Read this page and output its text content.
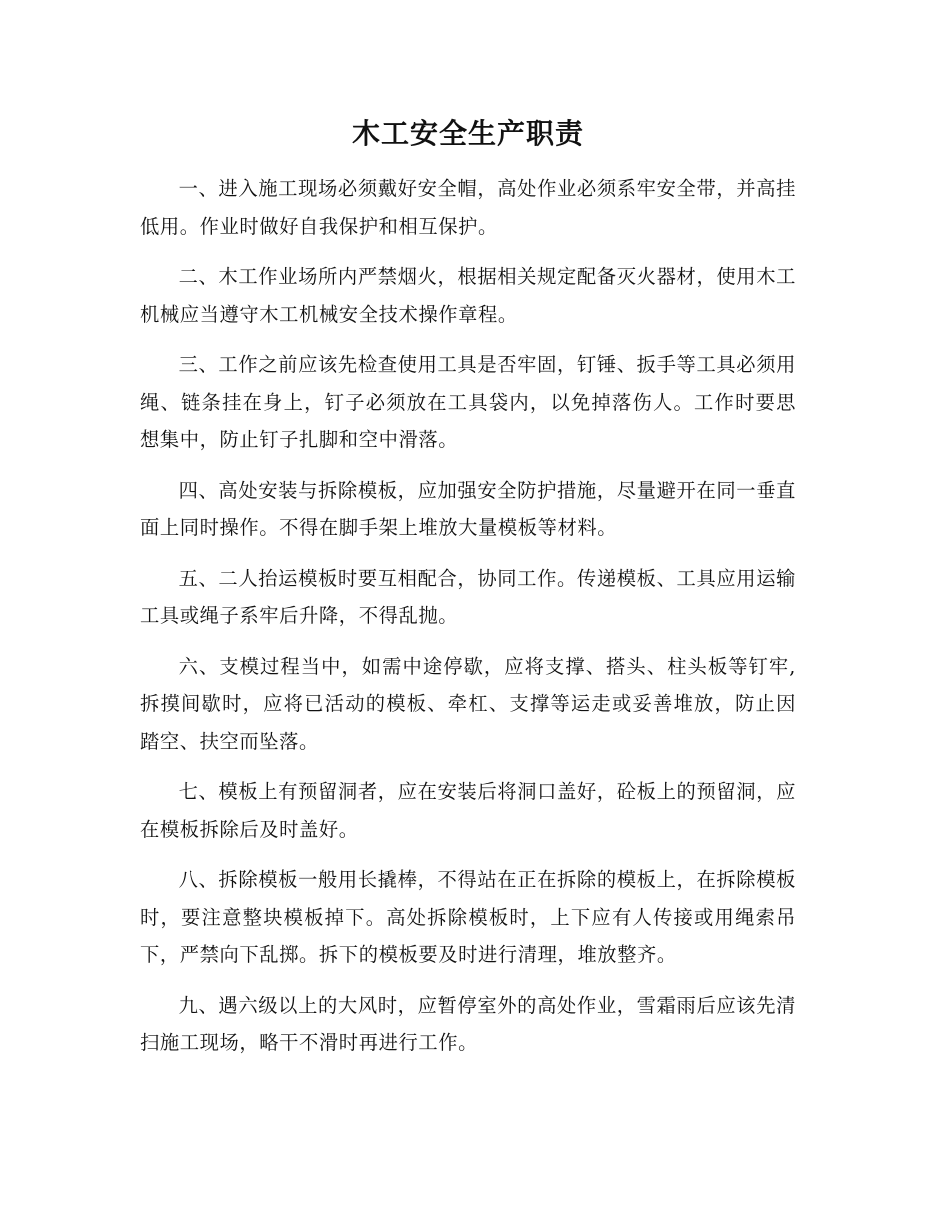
木工安全生产职责

一、进入施工现场必须戴好安全帽，高处作业必须系牢安全带，并高挂低用。作业时做好自我保护和相互保护。

二、木工作业场所内严禁烟火，根据相关规定配备灭火器材，使用木工机械应当遵守木工机械安全技术操作章程。

三、工作之前应该先检查使用工具是否牢固，钉锤、扳手等工具必须用绳、链条挂在身上，钉子必须放在工具袋内，以免掉落伤人。工作时要思想集中，防止钉子扎脚和空中滑落。

四、高处安装与拆除模板，应加强安全防护措施，尽量避开在同一垂直面上同时操作。不得在脚手架上堆放大量模板等材料。

五、二人抬运模板时要互相配合，协同工作。传递模板、工具应用运输工具或绳子系牢后升降，不得乱抛。

六、支模过程当中，如需中途停歇，应将支撑、搭头、柱头板等钉牢,拆摸间歇时，应将已活动的模板、牵杠、支撑等运走或妥善堆放，防止因踏空、扶空而坠落。

七、模板上有预留洞者，应在安装后将洞口盖好，砼板上的预留洞，应在模板拆除后及时盖好。

八、拆除模板一般用长撬棒，不得站在正在拆除的模板上，在拆除模板时，要注意整块模板掉下。高处拆除模板时，上下应有人传接或用绳索吊下，严禁向下乱掷。拆下的模板要及时进行清理，堆放整齐。

九、遇六级以上的大风时，应暂停室外的高处作业，雪霜雨后应该先清扫施工现场，略干不滑时再进行工作。
